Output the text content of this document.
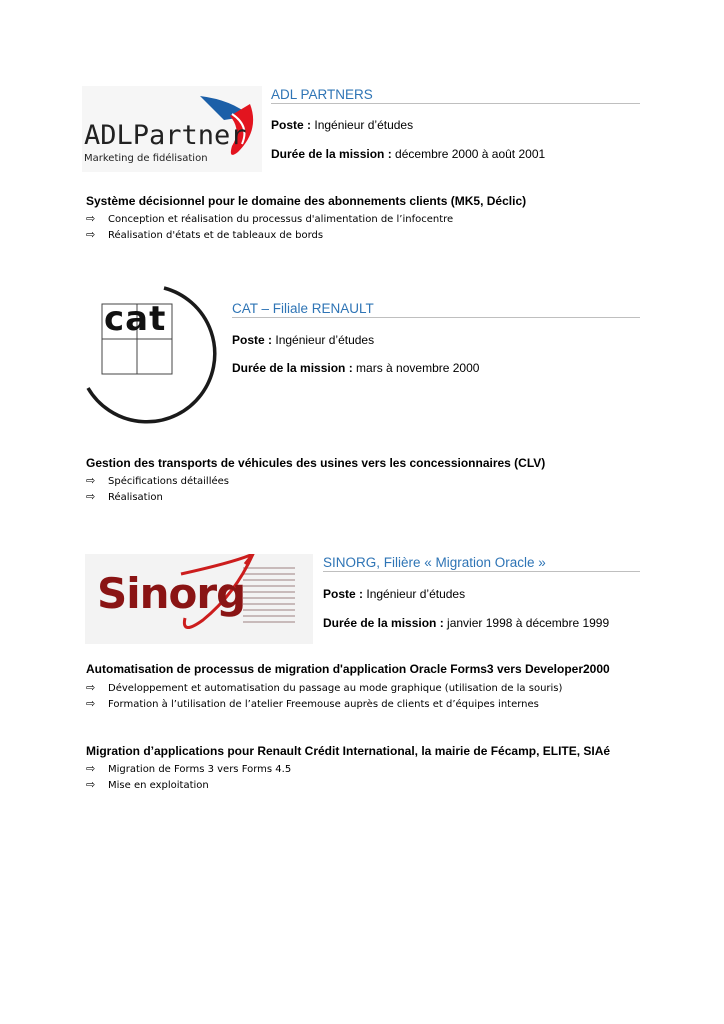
ADLPartner
Marketing de fidélisation
ADL PARTNERS
Poste : Ingénieur d’études
Durée de la mission : décembre 2000 à août 2001
Système décisionnel pour le domaine des abonnements clients (MK5, Déclic)
⇨ Conception et réalisation du processus d'alimentation de l’infocentre
⇨ Réalisation d'états et de tableaux de bords
cat	CAT – Filiale RENAULT
Poste : Ingénieur d’études
Durée de la mission : mars à novembre 2000
Gestion des transports de véhicules des usines vers les concessionnaires (CLV)
⇨ Spécifications détaillées
⇨ Réalisation
Sinorg
SINORG, Filière « Migration Oracle »
Poste : Ingénieur d’études
Durée de la mission : janvier 1998 à décembre 1999
Automatisation de processus de migration d'application Oracle Forms3 vers Developer2000
⇨ Développement et automatisation du passage au mode graphique (utilisation de la souris)
⇨ Formation à l’utilisation de l’atelier Freemouse auprès de clients et d’équipes internes
Migration d’applications pour Renault Crédit International, la mairie de Fécamp, ELITE, SIAé
⇨ Migration de Forms 3 vers Forms 4.5
⇨ Mise en exploitation
